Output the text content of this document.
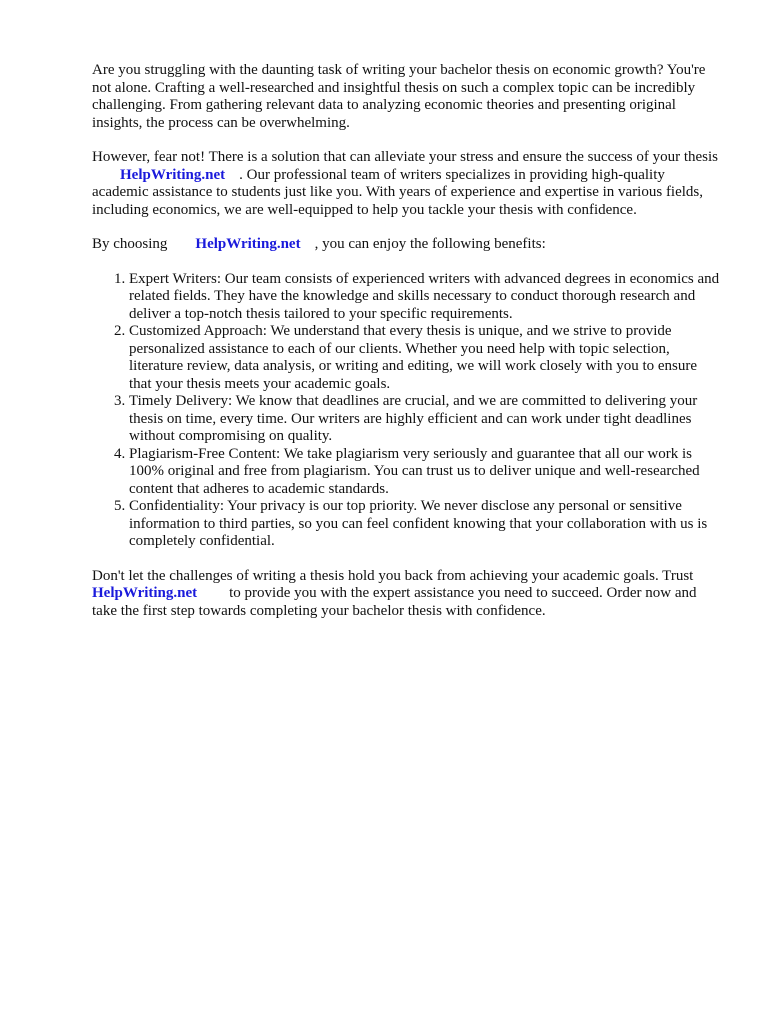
Are you struggling with the daunting task of writing your bachelor thesis on economic growth? You're not alone. Crafting a well-researched and insightful thesis on such a complex topic can be incredibly challenging. From gathering relevant data to analyzing economic theories and presenting original insights, the process can be overwhelming.

However, fear not! There is a solution that can alleviate your stress and ensure the success of your thesisHelpWriting.net . Our professional team of writers specializes in providing high-quality academic assistance to students just like you. With years of experience and expertise in various fields, including economics, we are well-equipped to help you tackle your thesis with confidence.

By choosing HelpWriting.net , you can enjoy the following benefits:

1. Expert Writers: Our team consists of experienced writers with advanced degrees in economics and related fields. They have the knowledge and skills necessary to conduct thorough research and deliver a top-notch thesis tailored to your specific requirements.
2. Customized Approach: We understand that every thesis is unique, and we strive to provide personalized assistance to each of our clients. Whether you need help with topic selection, literature review, data analysis, or writing and editing, we will work closely with you to ensure that your thesis meets your academic goals.
3. Timely Delivery: We know that deadlines are crucial, and we are committed to delivering your thesis on time, every time. Our writers are highly efficient and can work under tight deadlines without compromising on quality.
4. Plagiarism-Free Content: We take plagiarism very seriously and guarantee that all our work is 100% original and free from plagiarism. You can trust us to deliver unique and well-researched content that adheres to academic standards.
5. Confidentiality: Your privacy is our top priority. We never disclose any personal or sensitive information to third parties, so you can feel confident knowing that your collaboration with us is completely confidential.

Don't let the challenges of writing a thesis hold you back from achieving your academic goals. Trust HelpWriting.net to provide you with the expert assistance you need to succeed. Order now and take the first step towards completing your bachelor thesis with confidence.
